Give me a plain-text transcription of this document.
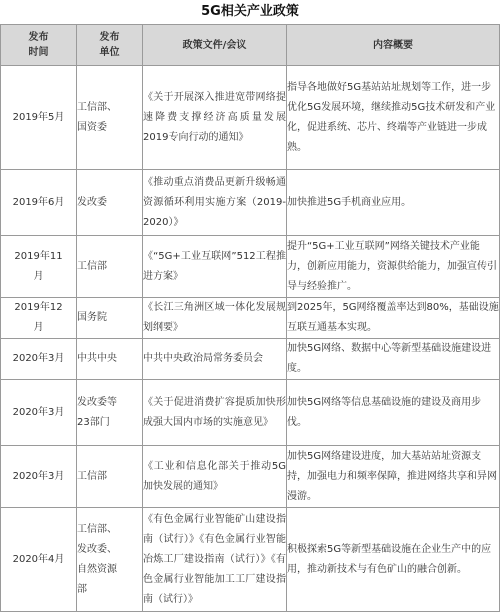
5G相关产业政策
发布
时间	发布
单位	政策文件/会议	内容概要

2019年5月	工信部、
国资委	《关于开展深入推进宽带网络提速降费支撑经济高质量发展2019专向行动的通知》	指导各地做好5G基站站址规划等工作，进一步优化5G发展环境，继续推动5G技术研发和产业化，促进系统、芯片、终端等产业链进一步成熟。

2019年6月	发改委	《推动重点消费品更新升级畅通资源循环利用实施方案（2019-2020）》	加快推进5G手机商业应用。

2019年11
月	工信部	《“5G+工业互联网”512工程推进方案》	提升“5G+工业互联网”网络关键技术产业能力，创新应用能力，资源供给能力，加强宣传引导与经验推广。

2019年12
月	国务院	《长江三角洲区域一体化发展规划纲要》	到2025年，5G网络覆盖率达到80%，基础设施互联互通基本实现。

2020年3月	中共中央	中共中央政治局常务委员会	加快5G网络、数据中心等新型基础设施建设进度。

2020年3月	发改委等
23部门	《关于促进消费扩容提质加快形成强大国内市场的实施意见》	加快5G网络等信息基础设施的建设及商用步伐。

2020年3月	工信部	《工业和信息化部关于推动5G加快发展的通知》	加快5G网络建设进度，加大基站站址资源支持，加强电力和频率保障，推进网络共享和异网漫游。

2020年4月	工信部、
发改委、
自然资源
部	《有色金属行业智能矿山建设指南（试行）》《有色金属行业智能冶炼工厂建设指南（试行）》《有色金属行业智能加工工厂建设指南（试行）》	积极探索5G等新型基础设施在企业生产中的应用，推动新技术与有色矿山的融合创新。
